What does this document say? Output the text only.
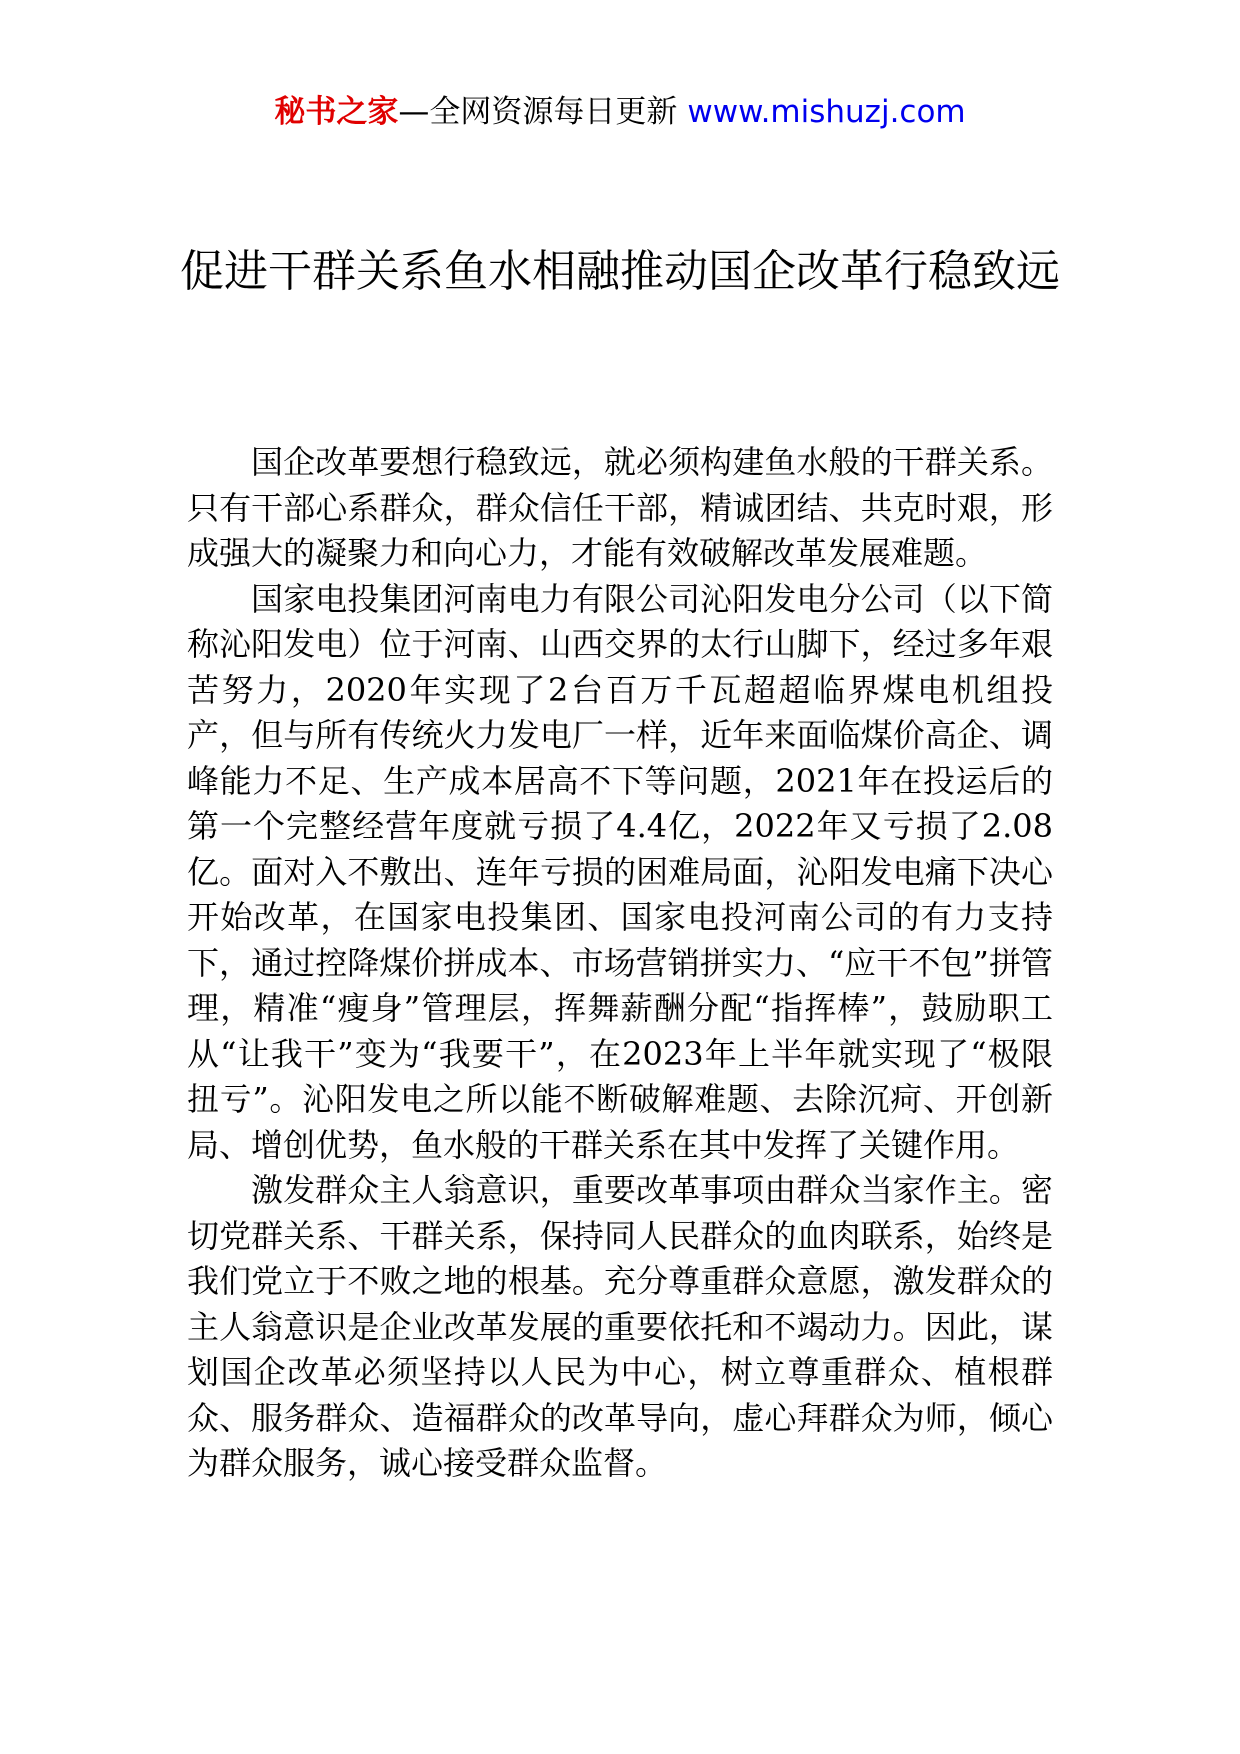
秘书之家—全网资源每日更新 www.mishuzj.com
促进干群关系鱼水相融推动国企改革行稳致远

国企改革要想行稳致远，就必须构建鱼水般的干群关系。只有干部心系群众，群众信任干部，精诚团结、共克时艰，形成强大的凝聚力和向心力，才能有效破解改革发展难题。

国家电投集团河南电力有限公司沁阳发电分公司（以下简称沁阳发电）位于河南、山西交界的太行山脚下，经过多年艰苦努力，2020年实现了2台百万千瓦超超临界煤电机组投产，但与所有传统火力发电厂一样，近年来面临煤价高企、调峰能力不足、生产成本居高不下等问题，2021年在投运后的第一个完整经营年度就亏损了4.4亿，2022年又亏损了2.08亿。面对入不敷出、连年亏损的困难局面，沁阳发电痛下决心开始改革，在国家电投集团、国家电投河南公司的有力支持下，通过控降煤价拼成本、市场营销拼实力、“应干不包”拼管理，精准“瘦身”管理层，挥舞薪酬分配“指挥棒”，鼓励职工从“让我干”变为“我要干”，在2023年上半年就实现了“极限扭亏”。沁阳发电之所以能不断破解难题、去除沉疴、开创新局、增创优势，鱼水般的干群关系在其中发挥了关键作用。

激发群众主人翁意识，重要改革事项由群众当家作主。密切党群关系、干群关系，保持同人民群众的血肉联系，始终是我们党立于不败之地的根基。充分尊重群众意愿，激发群众的主人翁意识是企业改革发展的重要依托和不竭动力。因此，谋划国企改革必须坚持以人民为中心，树立尊重群众、植根群众、服务群众、造福群众的改革导向，虚心拜群众为师，倾心为群众服务，诚心接受群众监督。
